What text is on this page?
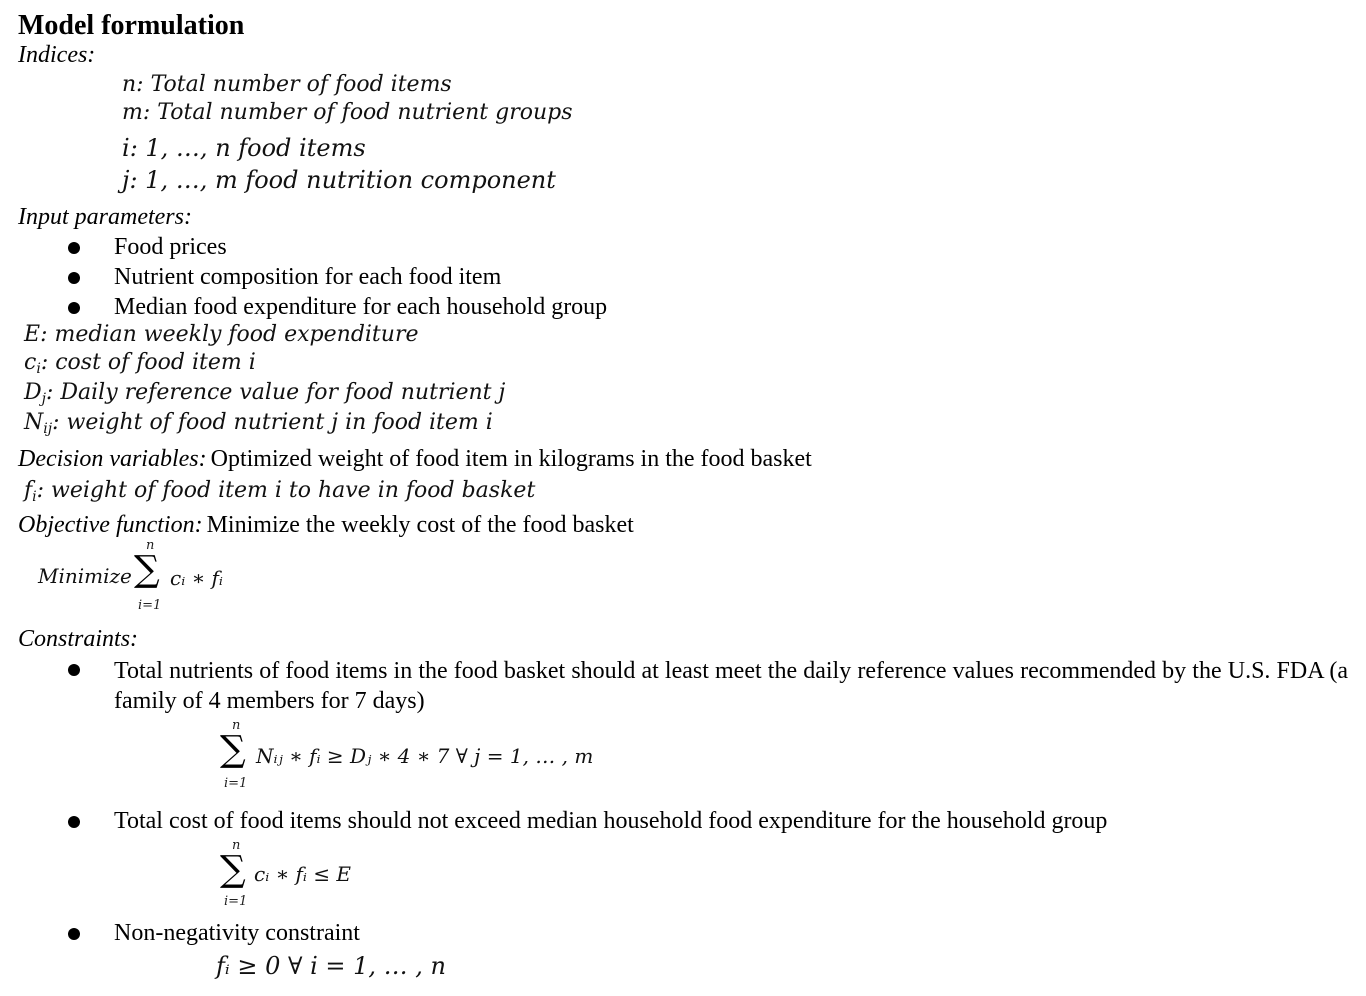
Model formulation
Indices:
n: Total number of food items
m: Total number of food nutrient groups
i: 1, …, n food items
j: 1, …, m food nutrition component
Input parameters:
Food prices
Nutrient composition for each food item
Median food expenditure for each household group
E: median weekly food expenditure
$c_i$: cost of food item i
$D_j$: Daily reference value for food nutrient j
$N_{ij}$: weight of food nutrient j in food item i
Decision variables: Optimized weight of food item in kilograms in the food basket
$f_i$: weight of food item i to have in food basket
Objective function: Minimize the weekly cost of the food basket
Minimize
n
∑
i=1
cᵢ ∗ fᵢ
Constraints:
Total nutrients of food items in the food basket should at least meet the daily reference values recommended by the U.S. FDA (a family of 4 members for 7 days)
n
∑
i=1
Nᵢⱼ ∗ fᵢ ≥ Dⱼ ∗ 4 ∗ 7 ∀ j = 1, … , m
Total cost of food items should not exceed median household food expenditure for the household group
n
∑
i=1
cᵢ ∗ fᵢ ≤ E
Non-negativity constraint
fᵢ ≥ 0 ∀ i = 1, … , n
